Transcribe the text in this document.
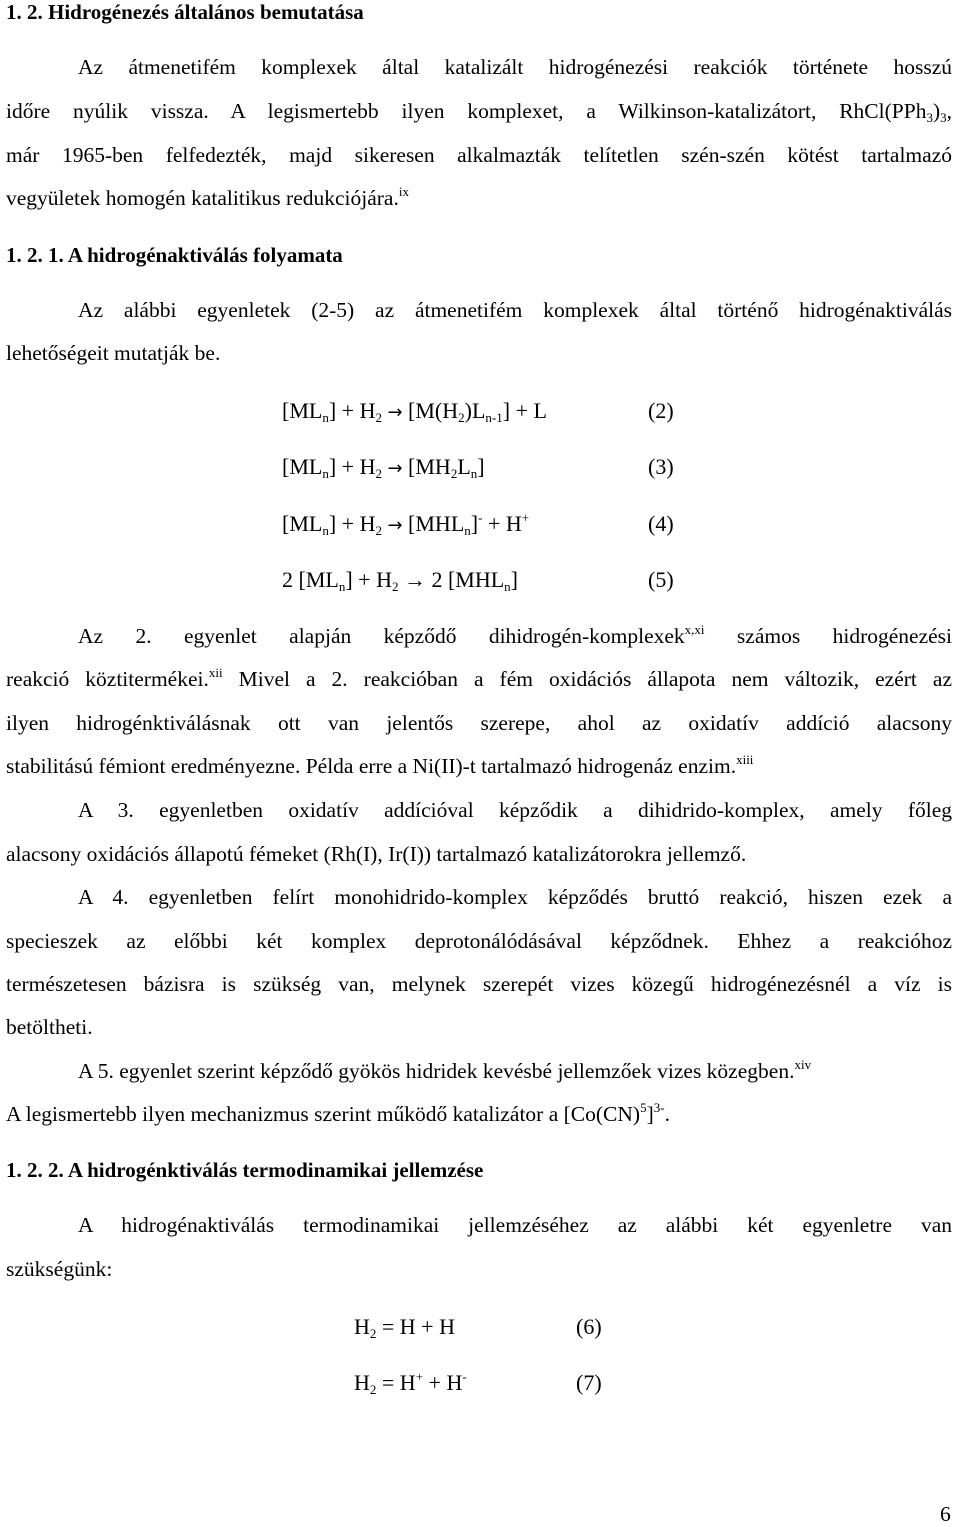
1. 2. Hidrogénezés általános bemutatása
Az átmenetifém komplexek által katalizált hidrogénezési reakciók története hosszú
időre nyúlik vissza. A legismertebb ilyen komplexet, a Wilkinson-katalizátort, $RhCl(PPh_3)_3$,
már 1965-ben felfedezték, majd sikeresen alkalmazták telítetlen szén-szén kötést tartalmazó
vegyületek homogén katalitikus redukciójára.$^{ix}$
1. 2. 1. A hidrogénaktiválás folyamata
Az alábbi egyenletek (2-5) az átmenetifém komplexek által történő hidrogénaktiválás
lehetőségeit mutatják be.
$[ML_n] + H_2 \to [M(H_2)L_{n-1}] + L$	(2)
$[ML_n] + H_2 \to [MH_2L_n]$	(3)
$[ML_n] + H_2 \to [MHL_n]^- + H^+$	(4)
2 $[ML_n] + H_2 \to 2$ $[MHL_n]$	(5)
Az 2. egyenlet alapján képződő dihidrogén-komplexek$^{x,xi}$ számos hidrogénezési
reakció köztitermékei.$^{xii}$ Mivel a 2. reakcióban a fém oxidációs állapota nem változik, ezért az
ilyen hidrogénktiválásnak ott van jelentős szerepe, ahol az oxidatív addíció alacsony
stabilitású fémiont eredményezne. Példa erre a Ni(II)-t tartalmazó hidrogenáz enzim.$^{xiii}$
A 3. egyenletben oxidatív addícióval képződik a dihidrido-komplex, amely főleg
alacsony oxidációs állapotú fémeket (Rh(I), Ir(I)) tartalmazó katalizátorokra jellemző.
A 4. egyenletben felírt monohidrido-komplex képződés bruttó reakció, hiszen ezek a
specieszek az előbbi két komplex deprotonálódásával képződnek. Ehhez a reakcióhoz
természetesen bázisra is szükség van, melynek szerepét vizes közegű hidrogénezésnél a víz is
betöltheti.
A 5. egyenlet szerint képződő gyökös hidridek kevésbé jellemzőek vizes közegben.$^{xiv}$
A legismertebb ilyen mechanizmus szerint működő katalizátor a $[Co(CN)^5]^{3-}$.
1. 2. 2. A hidrogénktiválás termodinamikai jellemzése
A hidrogénaktiválás termodinamikai jellemzéséhez az alábbi két egyenletre van
szükségünk:
$H_2 = H + H$	(6)
$H_2 = H^+ + H^-$	(7)
6
